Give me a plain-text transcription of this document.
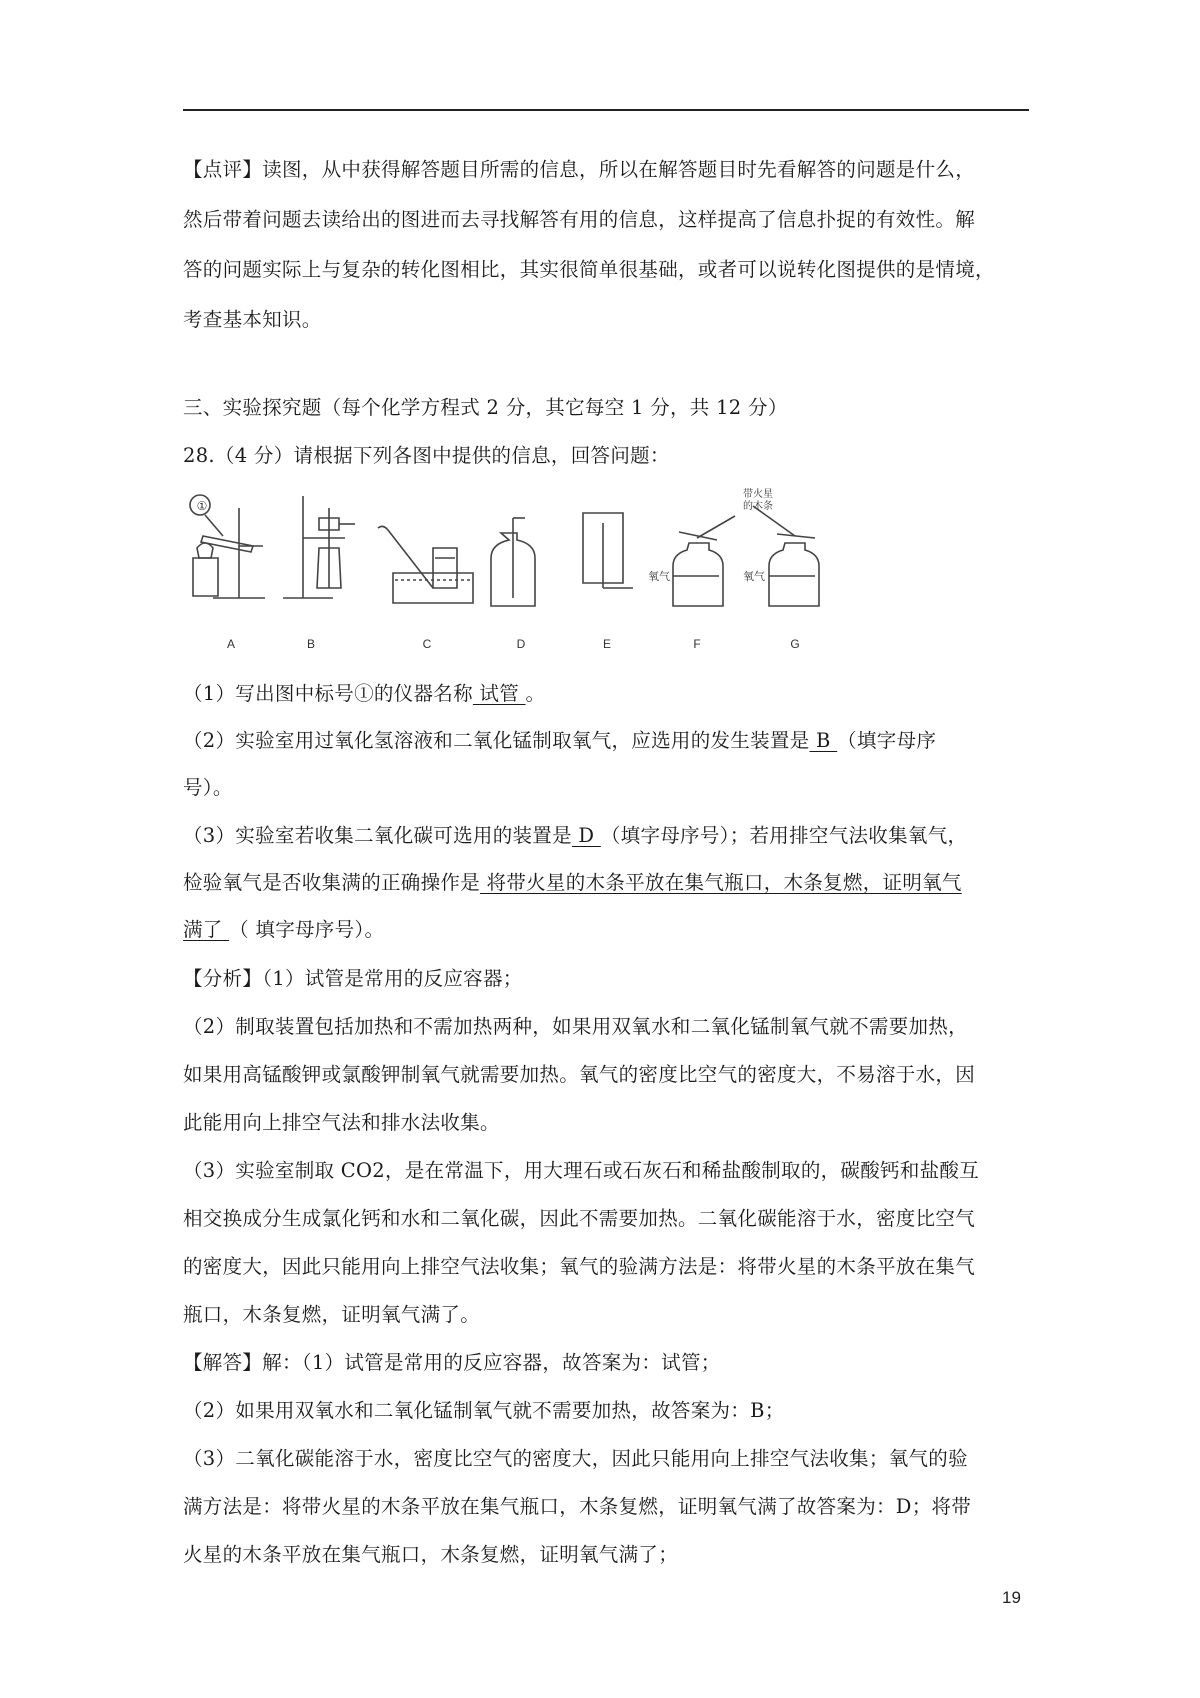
【点评】读图，从中获得解答题目所需的信息，所以在解答题目时先看解答的问题是什么，
然后带着问题去读给出的图进而去寻找解答有用的信息，这样提高了信息扑捉的有效性。解
答的问题实际上与复杂的转化图相比，其实很简单很基础，或者可以说转化图提供的是情境，
考查基本知识。
三、实验探究题（每个化学方程式 2 分，其它每空 1 分，共 12 分）
28.（4 分）请根据下列各图中提供的信息，回答问题：
①
氧气	氧气
带火星
的木条
A	B	C	D	E	F	G
（1）写出图中标号①的仪器名称 试管 。
（2）实验室用过氧化氢溶液和二氧化锰制取氧气，应选用的发生装置是 B （填字母序
号）。
（3）实验室若收集二氧化碳可选用的装置是 D （填字母序号）；若用排空气法收集氧气，
检验氧气是否收集满的正确操作是 将带火星的木条平放在集气瓶口，木条复燃，证明氧气
满了 （ 填字母序号）。
【分析】（1）试管是常用的反应容器；
（2）制取装置包括加热和不需加热两种，如果用双氧水和二氧化锰制氧气就不需要加热，
如果用高锰酸钾或氯酸钾制氧气就需要加热。氧气的密度比空气的密度大，不易溶于水，因
此能用向上排空气法和排水法收集。
（3）实验室制取 CO2，是在常温下，用大理石或石灰石和稀盐酸制取的，碳酸钙和盐酸互
相交换成分生成氯化钙和水和二氧化碳，因此不需要加热。二氧化碳能溶于水，密度比空气
的密度大，因此只能用向上排空气法收集；氧气的验满方法是：将带火星的木条平放在集气
瓶口，木条复燃，证明氧气满了。
【解答】解：（1）试管是常用的反应容器，故答案为：试管；
（2）如果用双氧水和二氧化锰制氧气就不需要加热，故答案为：B；
（3）二氧化碳能溶于水，密度比空气的密度大，因此只能用向上排空气法收集；氧气的验
满方法是：将带火星的木条平放在集气瓶口，木条复燃，证明氧气满了故答案为：D；将带
火星的木条平放在集气瓶口，木条复燃，证明氧气满了；
19
